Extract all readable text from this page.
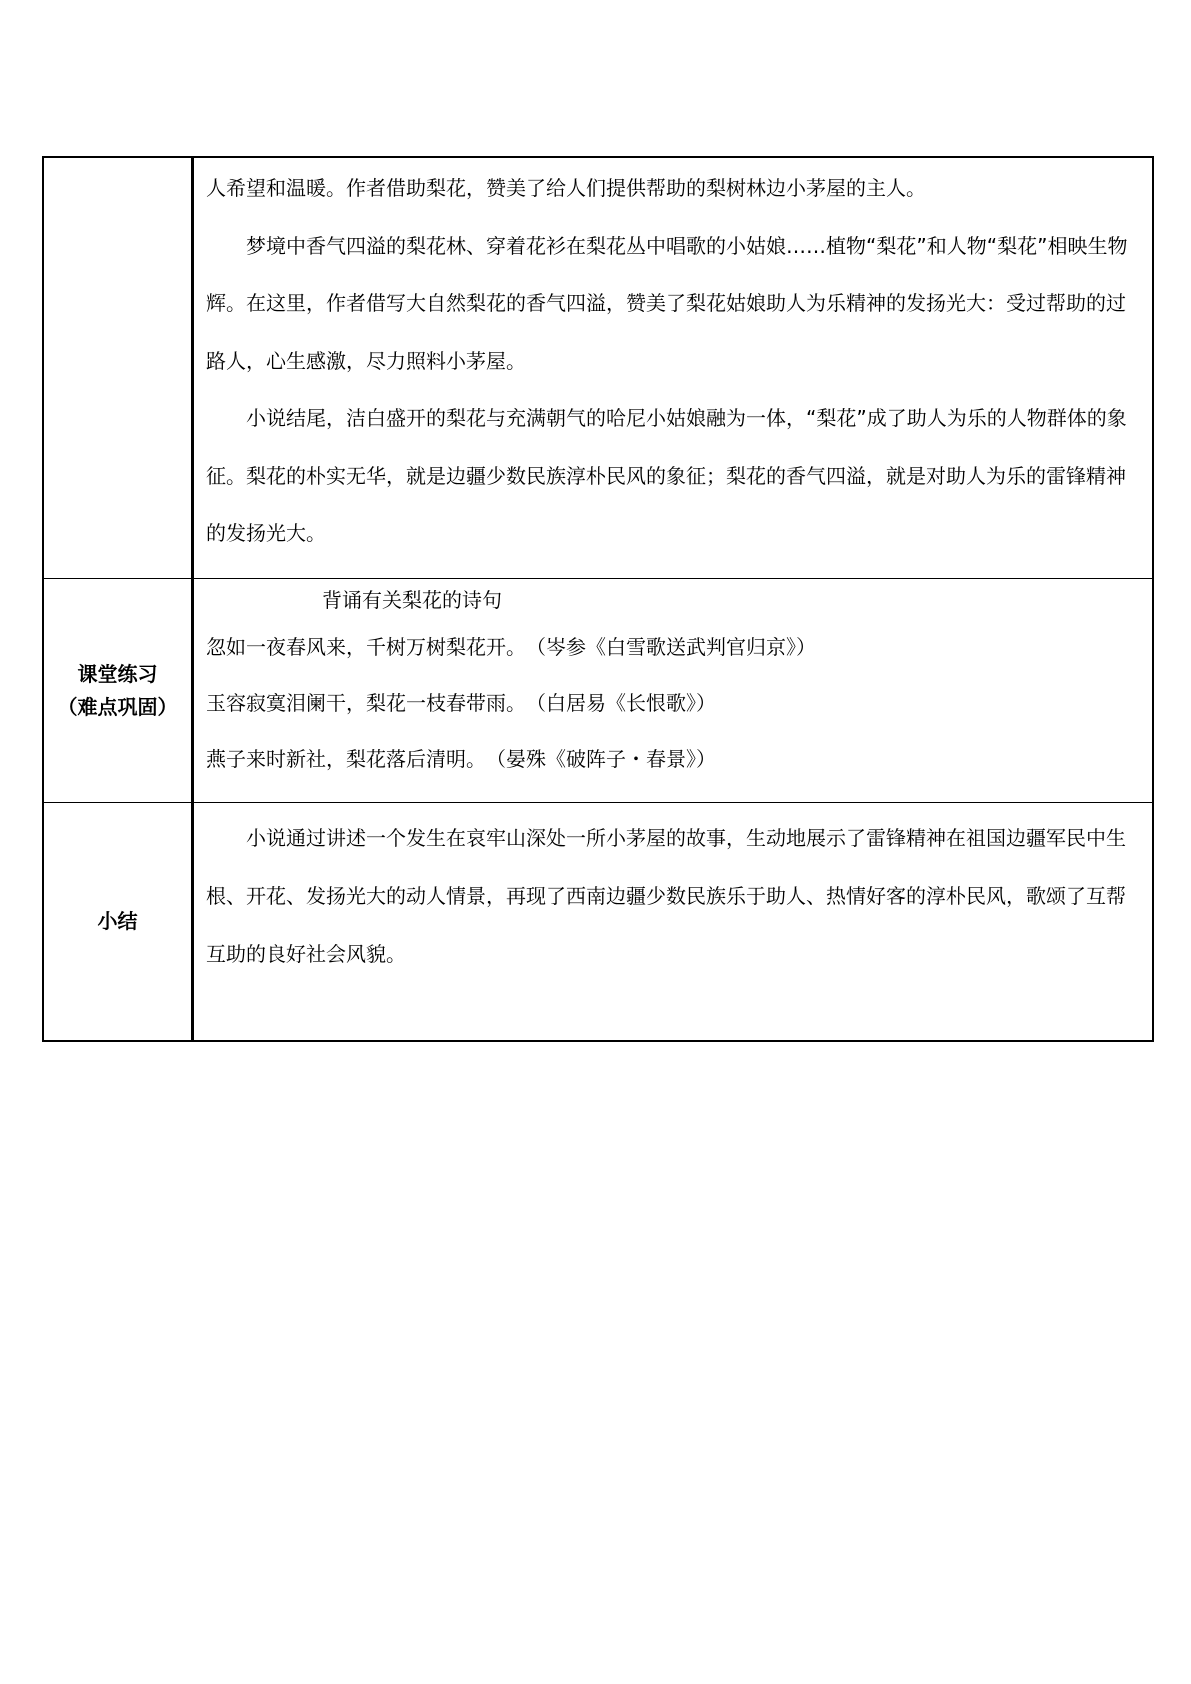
人希望和温暖。作者借助梨花，赞美了给人们提供帮助的梨树林边小茅屋的主人。

梦境中香气四溢的梨花林、穿着花衫在梨花丛中唱歌的小姑娘……植物“梨花”和人物“梨花”相映生物辉。在这里，作者借写大自然梨花的香气四溢，赞美了梨花姑娘助人为乐精神的发扬光大：受过帮助的过路人，心生感激，尽力照料小茅屋。

小说结尾，洁白盛开的梨花与充满朝气的哈尼小姑娘融为一体，“梨花”成了助人为乐的人物群体的象征。梨花的朴实无华，就是边疆少数民族淳朴民风的象征；梨花的香气四溢，就是对助人为乐的雷锋精神的发扬光大。

课堂练习
（难点巩固）

背诵有关梨花的诗句

忽如一夜春风来，千树万树梨花开。　（岑参《白雪歌送武判官归京》）

玉容寂寞泪阑干，梨花一枝春带雨。　（白居易《长恨歌》）

燕子来时新社，梨花落后清明。　（晏殊《破阵子・春景》）

小结

小说通过讲述一个发生在哀牢山深处一所小茅屋的故事，生动地展示了雷锋精神在祖国边疆军民中生根、开花、发扬光大的动人情景，再现了西南边疆少数民族乐于助人、热情好客的淳朴民风，歌颂了互帮互助的良好社会风貌。
